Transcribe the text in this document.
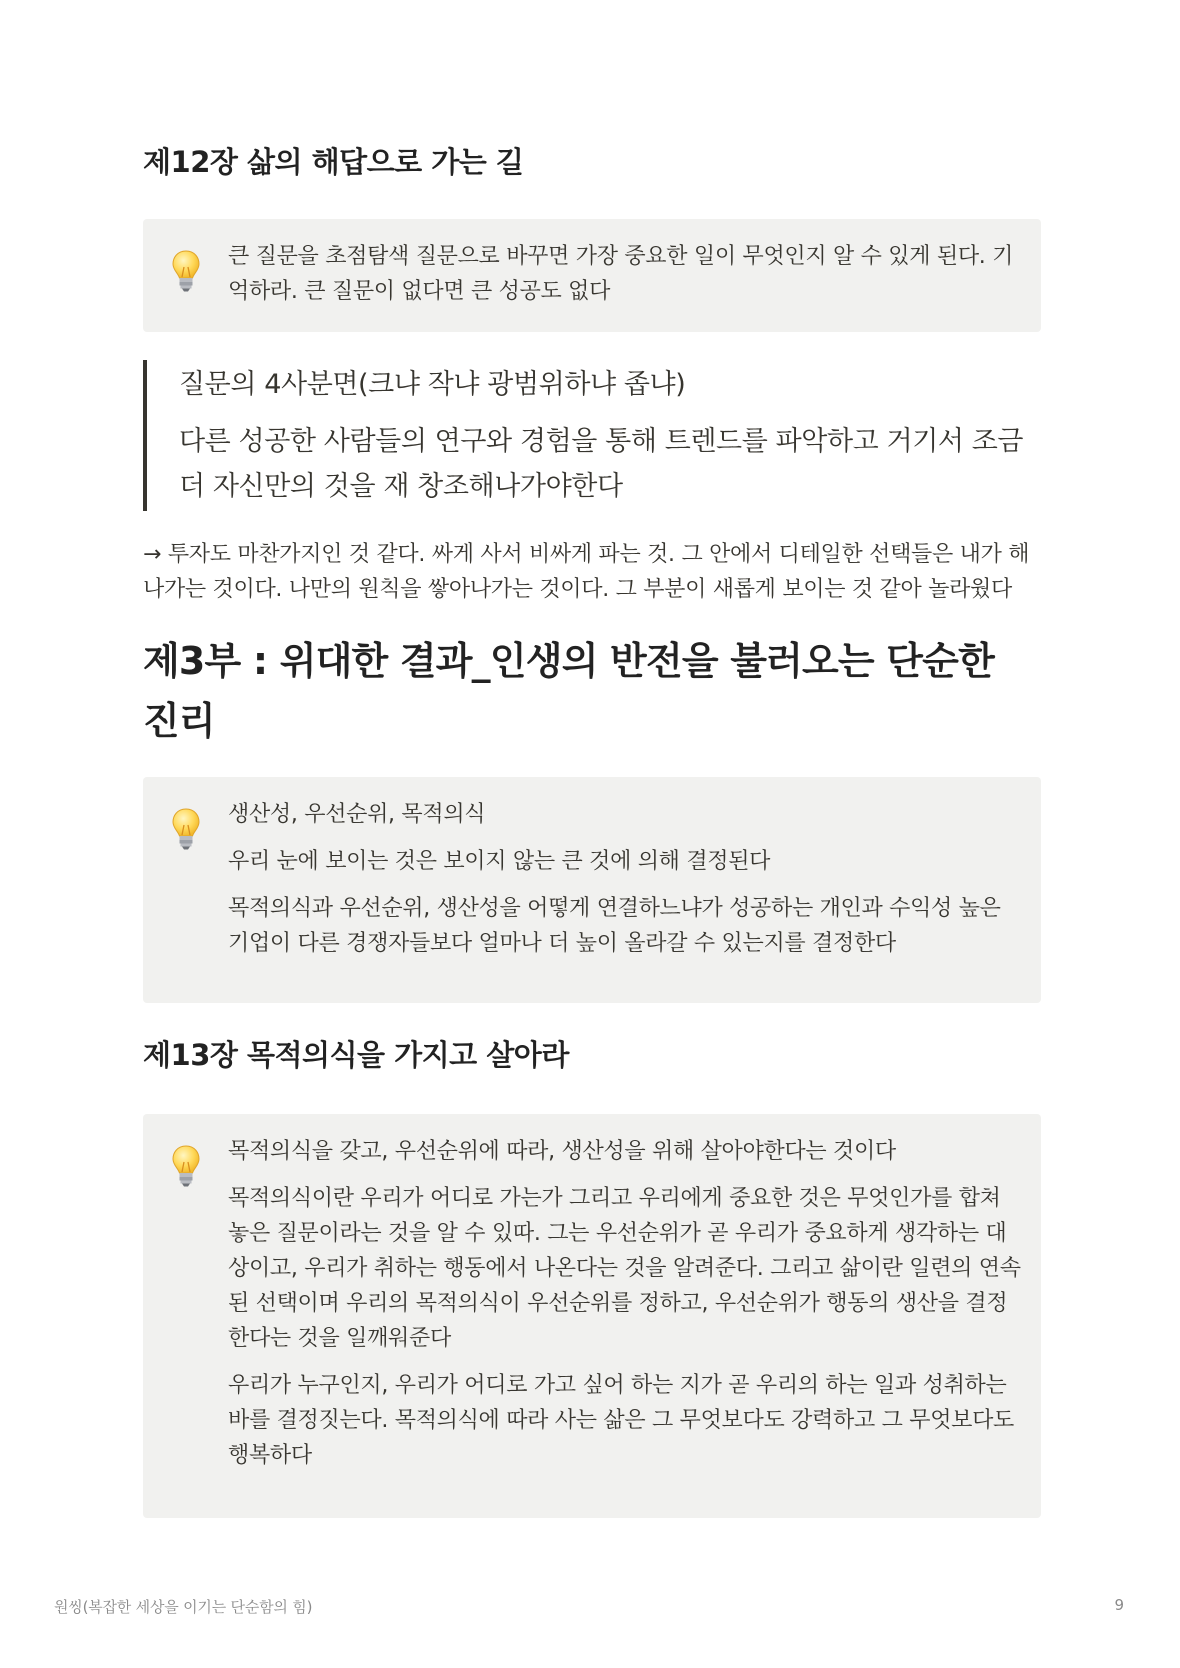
제12장 삶의 해답으로 가는 길

큰 질문을 초점탐색 질문으로 바꾸면 가장 중요한 일이 무엇인지 알 수 있게 된다. 기억하라. 큰 질문이 없다면 큰 성공도 없다

질문의 4사분면(크냐 작냐 광범위하냐 좁냐)

다른 성공한 사람들의 연구와 경험을 통해 트렌드를 파악하고 거기서 조금 더 자신만의 것을 재 창조해나가야한다

→ 투자도 마찬가지인 것 같다. 싸게 사서 비싸게 파는 것. 그 안에서 디테일한 선택들은 내가 해나가는 것이다. 나만의 원칙을 쌓아나가는 것이다. 그 부분이 새롭게 보이는 것 같아 놀라웠다

제3부 : 위대한 결과_인생의 반전을 불러오는 단순한 진리

생산성, 우선순위, 목적의식

우리 눈에 보이는 것은 보이지 않는 큰 것에 의해 결정된다

목적의식과 우선순위, 생산성을 어떻게 연결하느냐가 성공하는 개인과 수익성 높은 기업이 다른 경쟁자들보다 얼마나 더 높이 올라갈 수 있는지를 결정한다

제13장 목적의식을 가지고 살아라

목적의식을 갖고, 우선순위에 따라, 생산성을 위해 살아야한다는 것이다

목적의식이란 우리가 어디로 가는가 그리고 우리에게 중요한 것은 무엇인가를 합쳐놓은 질문이라는 것을 알 수 있따. 그는 우선순위가 곧 우리가 중요하게 생각하는 대상이고, 우리가 취하는 행동에서 나온다는 것을 알려준다. 그리고 삶이란 일련의 연속된 선택이며 우리의 목적의식이 우선순위를 정하고, 우선순위가 행동의 생산을 결정한다는 것을 일깨워준다

우리가 누구인지, 우리가 어디로 가고 싶어 하는 지가 곧 우리의 하는 일과 성취하는 바를 결정짓는다. 목적의식에 따라 사는 삶은 그 무엇보다도 강력하고 그 무엇보다도 행복하다

원씽(복잡한 세상을 이기는 단순함의 힘)	9
